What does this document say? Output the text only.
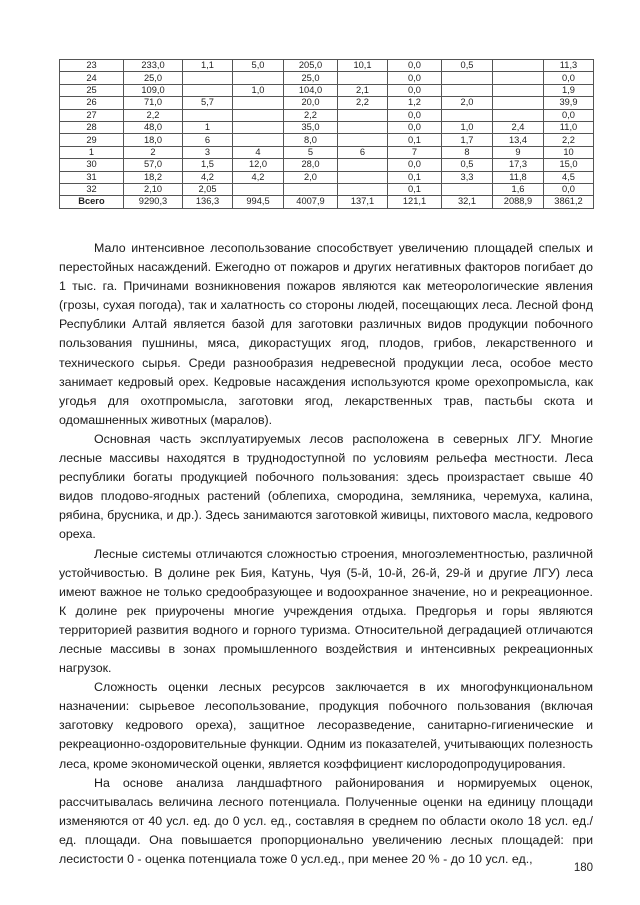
23	233,0	1,1	5,0	205,0	10,1	0,0	0,5		11,3
24	25,0			25,0		0,0			0,0
25	109,0		1,0	104,0	2,1	0,0			1,9
26	71,0	5,7		20,0	2,2	1,2	2,0		39,9
27	2,2			2,2		0,0			0,0
28	48,0	1		35,0		0,0	1,0	2,4	11,0
29	18,0	6		8,0		0,1	1,7	13,4	2,2
1	2	3	4	5	6	7	8	9	10
30	57,0	1,5	12,0	28,0		0,0	0,5	17,3	15,0
31	18,2	4,2	4,2	2,0		0,1	3,3	11,8	4,5
32	2,10	2,05				0,1		1,6	0,0
Всего	9290,3	136,3	994,5	4007,9	137,1	121,1	32,1	2088,9	3861,2

Мало интенсивное лесопользование способствует увеличению площадей спелых и перестойных насаждений. Ежегодно от пожаров и других негативных факторов погибает до 1 тыс. га. Причинами возникновения пожаров являются как метеорологические явления (грозы, сухая погода), так и халатность со стороны людей, посещающих леса. Лесной фонд Республики Алтай является базой для заготовки различных видов продукции побочного пользования пушнины, мяса, дикорастущих ягод, плодов, грибов, лекарственного и технического сырья. Среди разнообразия недревесной продукции леса, особое место занимает кедровый орех. Кедровые насаждения используются кроме орехопромысла, как угодья для охотпромысла, заготовки ягод, лекарственных трав, пастьбы скота и одомашненных животных (маралов).

Основная часть эксплуатируемых лесов расположена в северных ЛГУ. Многие лесные массивы находятся в труднодоступной по условиям рельефа местности. Леса республики богаты продукцией побочного пользования: здесь произрастает свыше 40 видов плодово-ягодных растений (облепиха, смородина, земляника, черемуха, калина, рябина, брусника, и др.). Здесь занимаются заготовкой живицы, пихтового масла, кедрового ореха.

Лесные системы отличаются сложностью строения, многоэлементностью, различной устойчивостью. В долине рек Бия, Катунь, Чуя (5-й, 10-й, 26-й, 29-й и другие ЛГУ) леса имеют важное не только средообразующее и водоохранное значение, но и рекреационное. К долине рек приурочены многие учреждения отдыха. Предгорья и горы являются территорией развития водного и горного туризма. Относительной деградацией отличаются лесные массивы в зонах промышленного воздействия и интенсивных рекреационных нагрузок.

Сложность оценки лесных ресурсов заключается в их многофункциональном назначении: сырьевое лесопользование, продукция побочного пользования (включая заготовку кедрового ореха), защитное лесоразведение, санитарно-гигиенические и рекреационно-оздоровительные функции. Одним из показателей, учитывающих полезность леса, кроме экономической оценки, является коэффициент кислородопродуцирования.

На основе анализа ландшафтного районирования и нормируемых оценок, рассчитывалась величина лесного потенциала. Полученные оценки на единицу площади изменяются от 40 усл. ед. до 0 усл. ед., составляя в среднем по области около 18 усл. ед./ед. площади. Она повышается пропорционально увеличению лесных площадей: при лесистости 0 - оценка потенциала тоже 0 усл.ед., при менее 20 % - до 10 усл. ед.,

180
